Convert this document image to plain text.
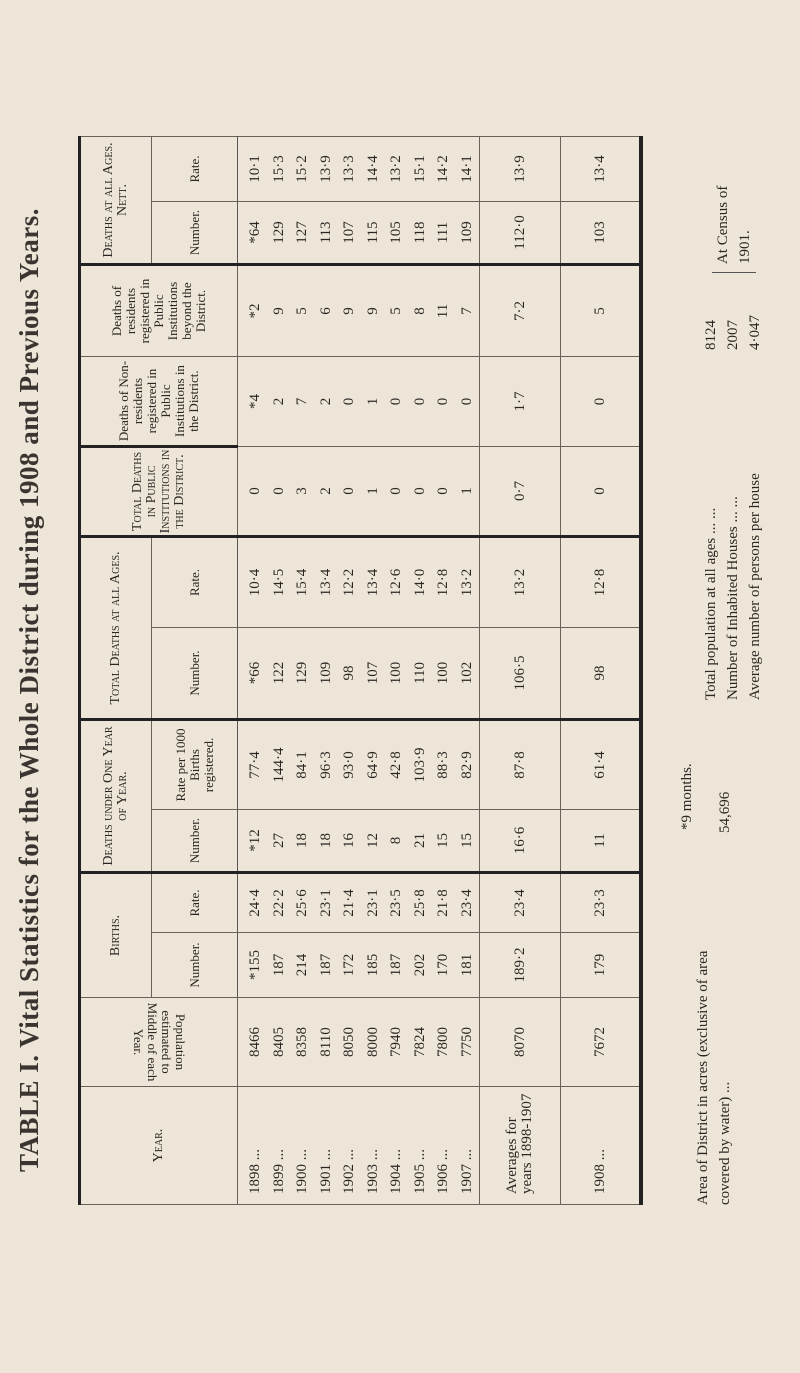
TABLE I. Vital Statistics for the Whole District during 1908 and Previous Years.	Year.	Population estimated to Middle of each Year.	Births.		Deaths under One Year of Year.		Total Deaths at all Ages.		Total Deaths in Public Institutions in the District.	Deaths of Non-residents registered in Public Institutions in the District.	Deaths of residents registered in Public Institutions beyond the District.	Deaths at all Ages. Nett.	
		Number.	Rate.	Number.	Rate per 1000 Births registered.	Number.	Rate.				Number.	Rate.
1898 ...	8466	*155	24·4	*12	77·4	*66	10·4	0	*4	*2	*64	10·1
1899 ...	8405	187	22·2	27	144·4	122	14·5	0	2	9	129	15·3
1900 ...	8358	214	25·6	18	84·1	129	15·4	3	7	5	127	15·2
1901 ...	8110	187	23·1	18	96·3	109	13·4	2	2	6	113	13·9
1902 ...	8050	172	21·4	16	93·0	98	12·2	0	0	9	107	13·3
1903 ...	8000	185	23·1	12	64·9	107	13·4	1	1	9	115	14·4
1904 ...	7940	187	23·5	8	42·8	100	12·6	0	0	5	105	13·2
1905 ...	7824	202	25·8	21	103·9	110	14·0	0	0	8	118	15·1
1906 ...	7800	170	21·8	15	88·3	100	12·8	0	0	11	111	14·2
1907 ...	7750	181	23·4	15	82·9	102	13·2	1	0	7	109	14·1
Averages for years 1898-1907	8070	189·2	23·4	16·6	87·8	106·5	13·2	0·7	1·7	7·2	112·0	13·9
1908 ...	7672	179	23·3	11	61·4	98	12·8	0	0	5	103	13·4
*9 months.
Area of District in acres (exclusive of area covered by water) ...
54,696
Total population at all ages ... ...
8124
Number of Inhabited Houses ... ...
2007
Average number of persons per house
4·047
At Census of 1901.
